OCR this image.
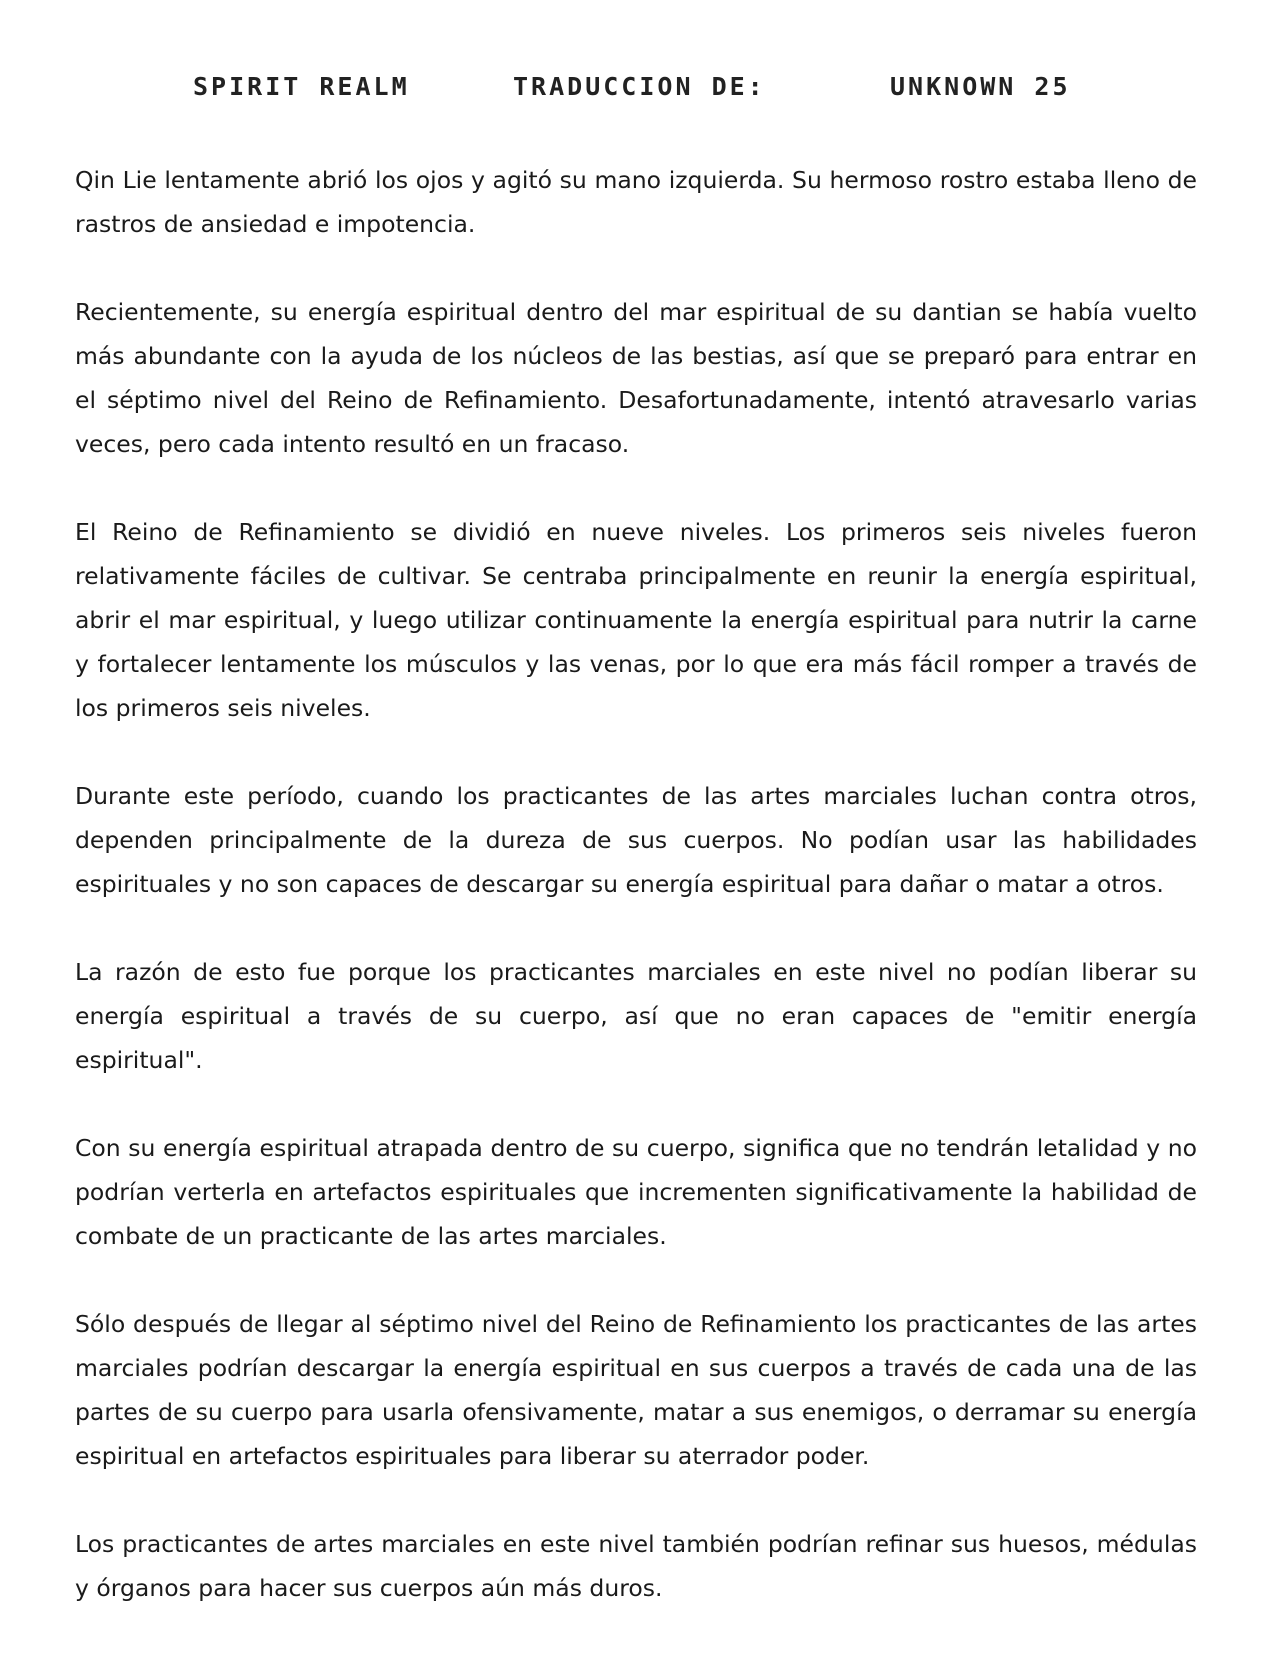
SPIRIT REALM	TRADUCCION DE:	UNKNOWN 25

Qin Lie lentamente abrió los ojos y agitó su mano izquierda. Su hermoso rostro estaba lleno de rastros de ansiedad e impotencia.

Recientemente, su energía espiritual dentro del mar espiritual de su dantian se había vuelto más abundante con la ayuda de los núcleos de las bestias, así que se preparó para entrar en el séptimo nivel del Reino de Refinamiento. Desafortunadamente, intentó atravesarlo varias veces, pero cada intento resultó en un fracaso.

El Reino de Refinamiento se dividió en nueve niveles. Los primeros seis niveles fueron relativamente fáciles de cultivar. Se centraba principalmente en reunir la energía espiritual, abrir el mar espiritual, y luego utilizar continuamente la energía espiritual para nutrir la carne y fortalecer lentamente los músculos y las venas, por lo que era más fácil romper a través de los primeros seis niveles.

Durante este período, cuando los practicantes de las artes marciales luchan contra otros, dependen principalmente de la dureza de sus cuerpos. No podían usar las habilidades espirituales y no son capaces de descargar su energía espiritual para dañar o matar a otros.

La razón de esto fue porque los practicantes marciales en este nivel no podían liberar su energía espiritual a través de su cuerpo, así que no eran capaces de "emitir energía espiritual".

Con su energía espiritual atrapada dentro de su cuerpo, significa que no tendrán letalidad y no podrían verterla en artefactos espirituales que incrementen significativamente la habilidad de combate de un practicante de las artes marciales.

Sólo después de llegar al séptimo nivel del Reino de Refinamiento los practicantes de las artes marciales podrían descargar la energía espiritual en sus cuerpos a través de cada una de las partes de su cuerpo para usarla ofensivamente, matar a sus enemigos, o derramar su energía espiritual en artefactos espirituales para liberar su aterrador poder.

Los practicantes de artes marciales en este nivel también podrían refinar sus huesos, médulas y órganos para hacer sus cuerpos aún más duros.
